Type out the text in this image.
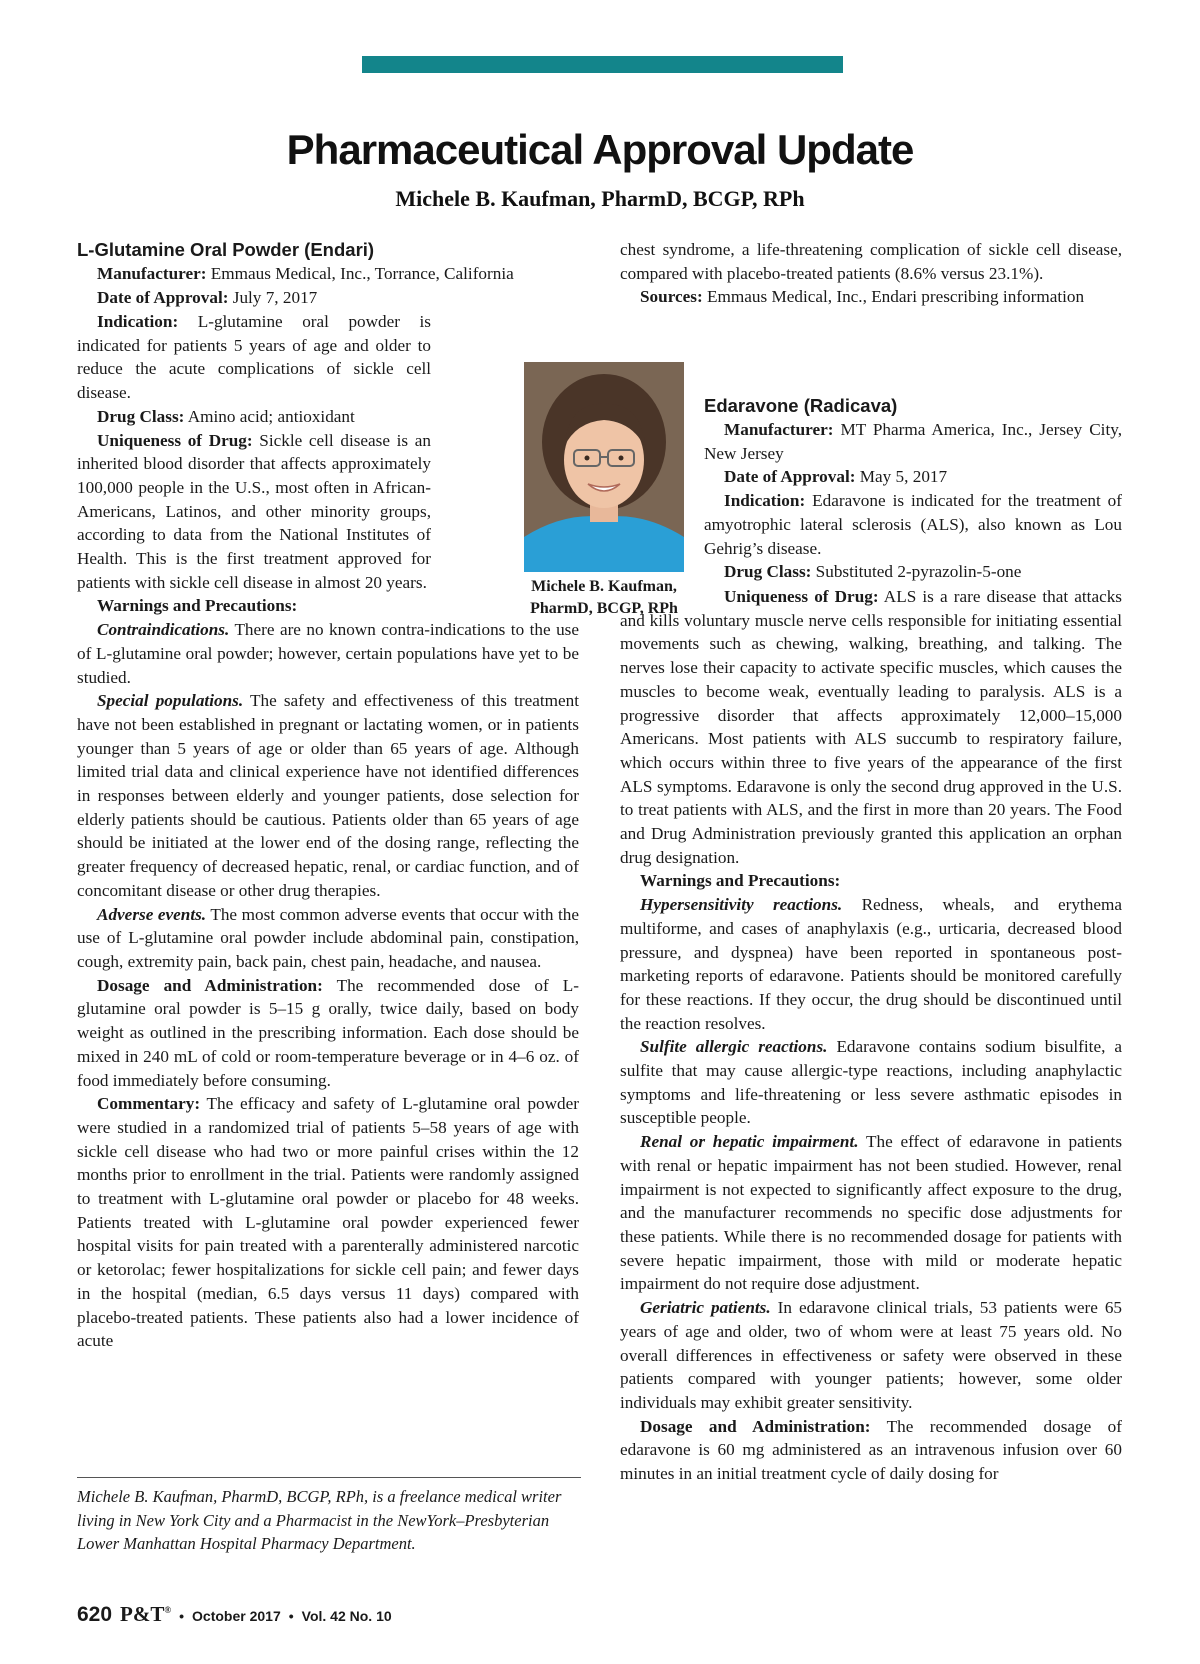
Pharmaceutical Approval Update
Michele B. Kaufman, PharmD, BCGP, RPh

L-Glutamine Oral Powder (Endari)

Manufacturer: Emmaus Medical, Inc., Torrance, California

Date of Approval: July 7, 2017

Indication: L-glutamine oral powder is indicated for patients 5 years of age and older to reduce the acute complications of sickle cell disease.

Drug Class: Amino acid; antioxidant

Uniqueness of Drug: Sickle cell disease is an inherited blood disorder that affects approximately 100,000 people in the U.S., most often in African-Americans, Latinos, and other minority groups, according to data from the National Institutes of Health. This is the first treatment approved for patients with sickle cell disease in almost 20 years.

Warnings and Precautions:

Contraindications. There are no known contra-indications to the use of L-glutamine oral powder; however, certain populations have yet to be studied.

Special populations. The safety and effectiveness of this treatment have not been established in pregnant or lactating women, or in patients younger than 5 years of age or older than 65 years of age. Although limited trial data and clinical experience have not identified differences in responses between elderly and younger patients, dose selection for elderly patients should be cautious. Patients older than 65 years of age should be initiated at the lower end of the dosing range, reflecting the greater frequency of decreased hepatic, renal, or cardiac function, and of concomitant disease or other drug therapies.

Adverse events. The most common adverse events that occur with the use of L-glutamine oral powder include abdominal pain, constipation, cough, extremity pain, back pain, chest pain, headache, and nausea.

Dosage and Administration: The recommended dose of L-glutamine oral powder is 5–15 g orally, twice daily, based on body weight as outlined in the prescribing information. Each dose should be mixed in 240 mL of cold or room-temperature beverage or in 4–6 oz. of food immediately before consuming.

Commentary: The efficacy and safety of L-glutamine oral powder were studied in a randomized trial of patients 5–58 years of age with sickle cell disease who had two or more painful crises within the 12 months prior to enrollment in the trial. Patients were randomly assigned to treatment with L-glutamine oral powder or placebo for 48 weeks. Patients treated with L-glutamine oral powder experienced fewer hospital visits for pain treated with a parenterally administered narcotic or ketorolac; fewer hospitalizations for sickle cell pain; and fewer days in the hospital (median, 6.5 days versus 11 days) compared with placebo-treated patients. These patients also had a lower incidence of acute

Michele B. Kaufman,
PharmD, BCGP, RPh

chest syndrome, a life-threatening complication of sickle cell disease, compared with placebo-treated patients (8.6% versus 23.1%).

Sources: Emmaus Medical, Inc., Endari prescribing information

Edaravone (Radicava)

Manufacturer: MT Pharma America, Inc., Jersey City, New Jersey

Date of Approval: May 5, 2017

Indication: Edaravone is indicated for the treatment of amyotrophic lateral sclerosis (ALS), also known as Lou Gehrig’s disease.

Drug Class: Substituted 2-pyrazolin-5-one

Uniqueness of Drug: ALS is a rare disease that attacks and kills voluntary muscle nerve cells responsible for initiating essential movements such as chewing, walking, breathing, and talking. The nerves lose their capacity to activate specific muscles, which causes the muscles to become weak, eventually leading to paralysis. ALS is a progressive disorder that affects approximately 12,000–15,000 Americans. Most patients with ALS succumb to respiratory failure, which occurs within three to five years of the appearance of the first ALS symptoms. Edaravone is only the second drug approved in the U.S. to treat patients with ALS, and the first in more than 20 years. The Food and Drug Administration previously granted this application an orphan drug designation.

Warnings and Precautions:

Hypersensitivity reactions. Redness, wheals, and erythema multiforme, and cases of anaphylaxis (e.g., urticaria, decreased blood pressure, and dyspnea) have been reported in spontaneous post-marketing reports of edaravone. Patients should be monitored carefully for these reactions. If they occur, the drug should be discontinued until the reaction resolves.

Sulfite allergic reactions. Edaravone contains sodium bisulfite, a sulfite that may cause allergic-type reactions, including anaphylactic symptoms and life-threatening or less severe asthmatic episodes in susceptible people.

Renal or hepatic impairment. The effect of edaravone in patients with renal or hepatic impairment has not been studied. However, renal impairment is not expected to significantly affect exposure to the drug, and the manufacturer recommends no specific dose adjustments for these patients. While there is no recommended dosage for patients with severe hepatic impairment, those with mild or moderate hepatic impairment do not require dose adjustment.

Geriatric patients. In edaravone clinical trials, 53 patients were 65 years of age and older, two of whom were at least 75 years old. No overall differences in effectiveness or safety were observed in these patients compared with younger patients; however, some older individuals may exhibit greater sensitivity.

Dosage and Administration: The recommended dosage of edaravone is 60 mg administered as an intravenous infusion over 60 minutes in an initial treatment cycle of daily dosing for

Michele B. Kaufman, PharmD, BCGP, RPh, is a freelance medical writer living in New York City and a Pharmacist in the NewYork–Presbyterian Lower Manhattan Hospital Pharmacy Department.
620 P&T® • October 2017 • Vol. 42 No. 10
